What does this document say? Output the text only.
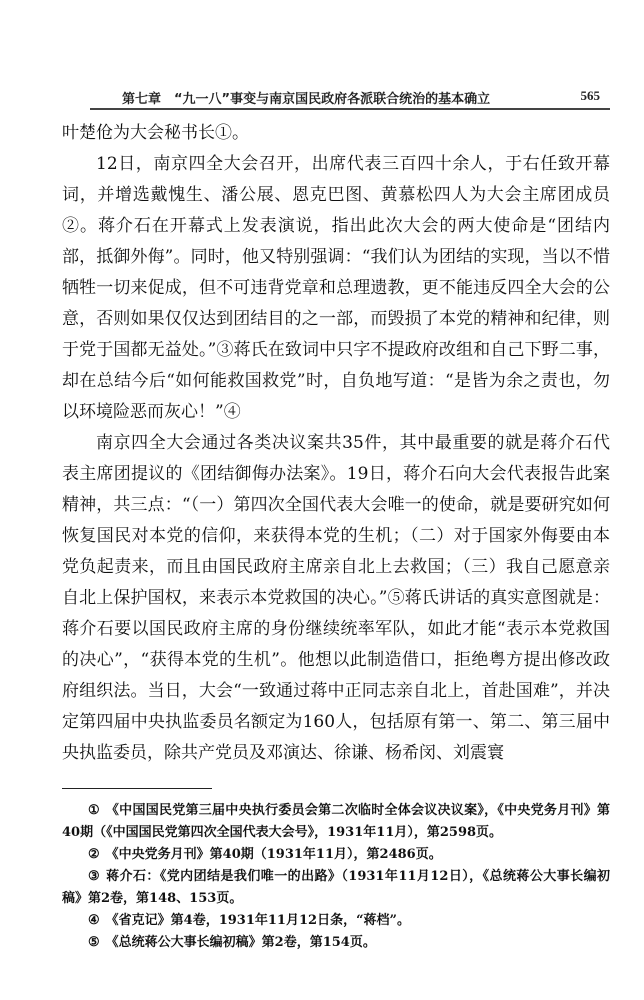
第七章　“九一八”事变与南京国民政府各派联合统治的基本确立	565

叶楚伧为大会秘书长①。

12日，南京四全大会召开，出席代表三百四十余人，于右任致开幕词，并增选戴愧生、潘公展、恩克巴图、黄慕松四人为大会主席团成员②。蒋介石在开幕式上发表演说，指出此次大会的两大使命是“团结内部，抵御外侮”。同时，他又特别强调：“我们认为团结的实现，当以不惜牺牲一切来促成，但不可违背党章和总理遗教，更不能违反四全大会的公意，否则如果仅仅达到团结目的之一部，而毁损了本党的精神和纪律，则于党于国都无益处。”③蒋氏在致词中只字不提政府改组和自己下野二事，却在总结今后“如何能救国救党”时，自负地写道：“是皆为余之责也，勿以环境险恶而灰心！”④

南京四全大会通过各类决议案共35件，其中最重要的就是蒋介石代表主席团提议的《团结御侮办法案》。19日，蒋介石向大会代表报告此案精神，共三点：“（一）第四次全国代表大会唯一的使命，就是要研究如何恢复国民对本党的信仰，来获得本党的生机；（二）对于国家外侮要由本党负起责来，而且由国民政府主席亲自北上去救国；（三）我自己愿意亲自北上保护国权，来表示本党救国的决心。”⑤蒋氏讲话的真实意图就是：蒋介石要以国民政府主席的身份继续统率军队，如此才能“表示本党救国的决心”，“获得本党的生机”。他想以此制造借口，拒绝粤方提出修改政府组织法。当日，大会“一致通过蒋中正同志亲自北上，首赴国难”，并决定第四届中央执监委员名额定为160人，包括原有第一、第二、第三届中央执监委员，除共产党员及邓演达、徐谦、杨希闵、刘震寰

① 《中国国民党第三届中央执行委员会第二次临时全体会议决议案》，《中央党务月刊》第40期（《中国国民党第四次全国代表大会号》，1931年11月），第2598页。

② 《中央党务月刊》第40期（1931年11月），第2486页。

③ 蒋介石：《党内团结是我们唯一的出路》（1931年11月12日），《总统蒋公大事长编初稿》第2卷，第148、153页。

④ 《省克记》第4卷，1931年11月12日条，“蒋档”。

⑤ 《总统蒋公大事长编初稿》第2卷，第154页。
